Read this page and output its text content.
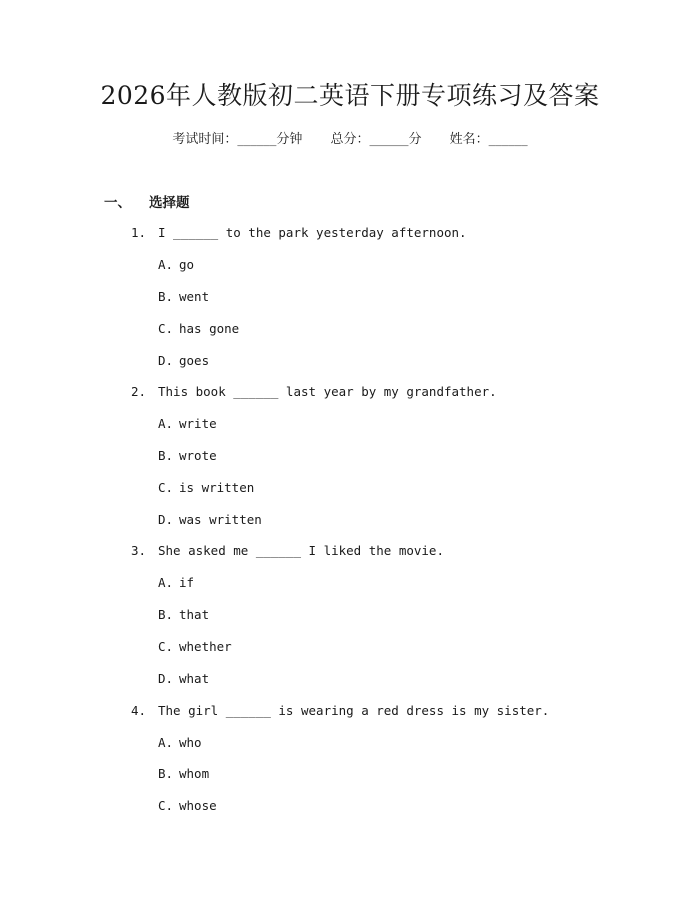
2026年人教版初二英语下册专项练习及答案
考试时间：______分钟 总分：______分 姓名：______
一、 选择题
1. I ______ to the park yesterday afternoon.
A. go
B. went
C. has gone
D. goes
2. This book ______ last year by my grandfather.
A. write
B. wrote
C. is written
D. was written
3. She asked me ______ I liked the movie.
A. if
B. that
C. whether
D. what
4. The girl ______ is wearing a red dress is my sister.
A. who
B. whom
C. whose
